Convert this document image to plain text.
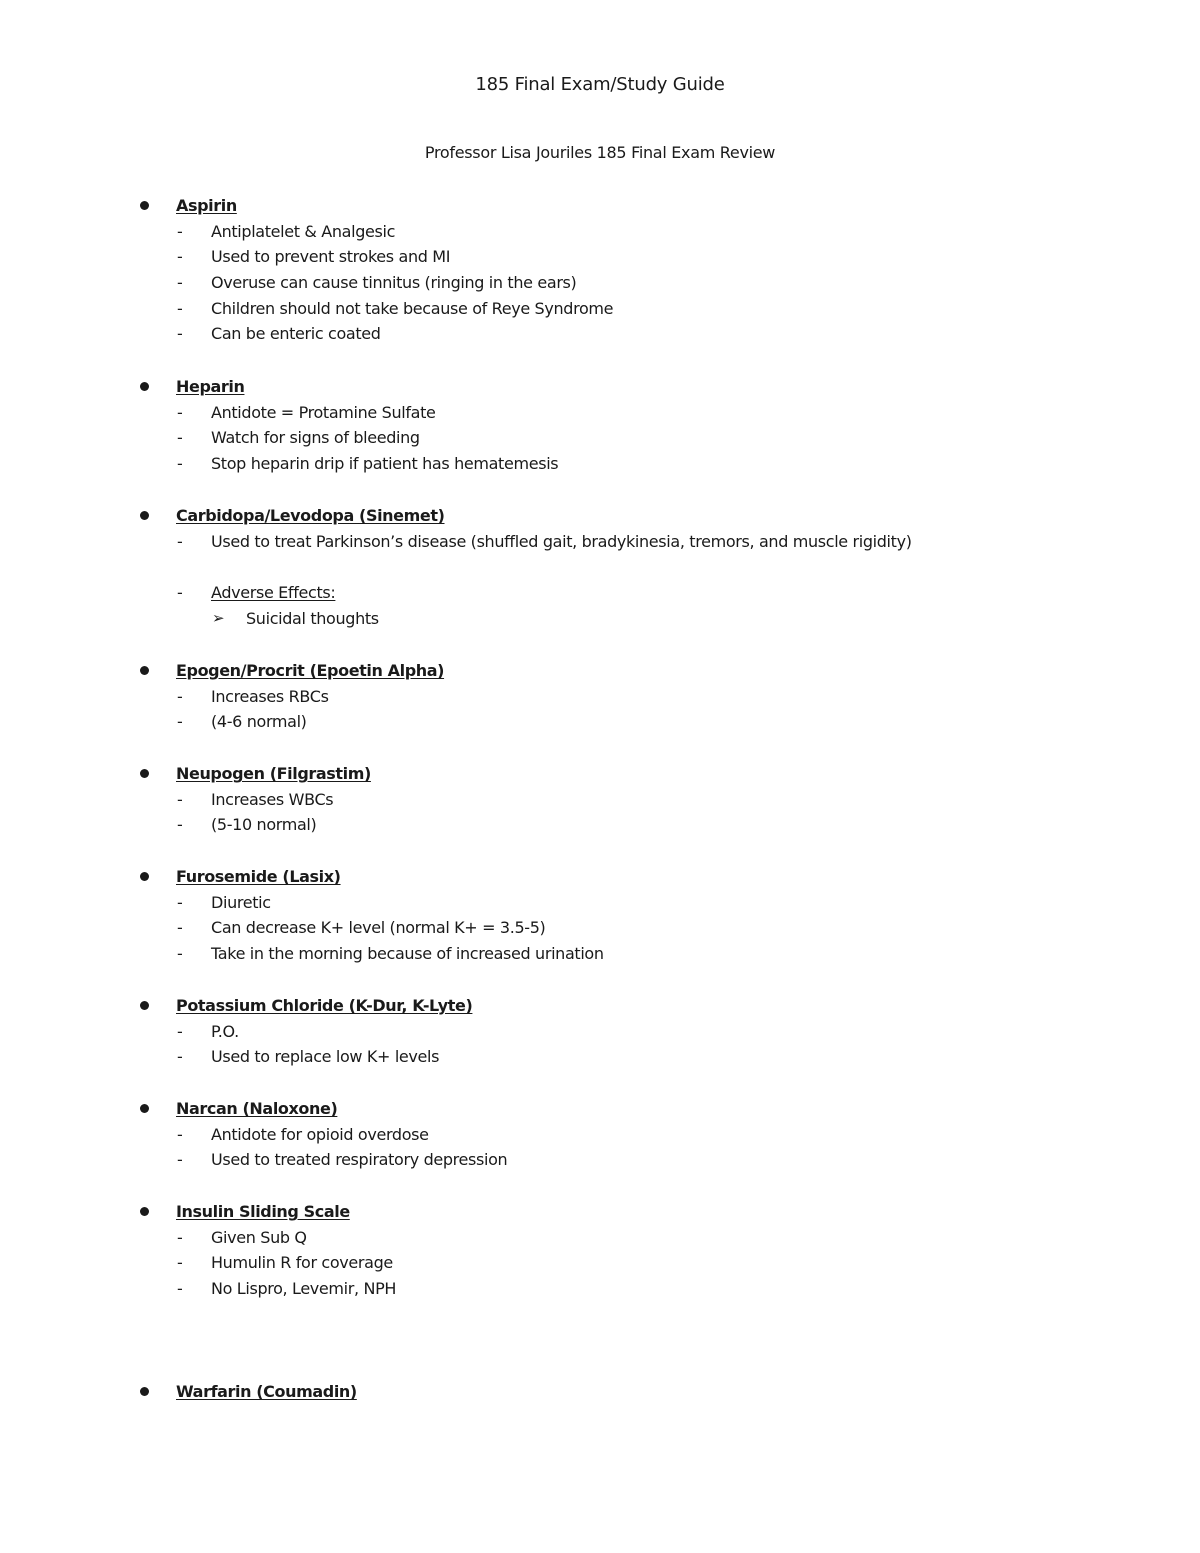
185 Final Exam/Study Guide
Professor Lisa Jouriles 185 Final Exam Review
Aspirin
- Antiplatelet & Analgesic
- Used to prevent strokes and MI
- Overuse can cause tinnitus (ringing in the ears)
- Children should not take because of Reye Syndrome
- Can be enteric coated
Heparin
- Antidote = Protamine Sulfate
- Watch for signs of bleeding
- Stop heparin drip if patient has hematemesis
Carbidopa/Levodopa (Sinemet)
- Used to treat Parkinson’s disease (shuffled gait, bradykinesia, tremors, and muscle rigidity)
- Adverse Effects:
➢ Suicidal thoughts
Epogen/Procrit (Epoetin Alpha)
- Increases RBCs
- (4-6 normal)
Neupogen (Filgrastim)
- Increases WBCs
- (5-10 normal)
Furosemide (Lasix)
- Diuretic
- Can decrease K+ level (normal K+ = 3.5-5)
- Take in the morning because of increased urination
Potassium Chloride (K-Dur, K-Lyte)
- P.O.
- Used to replace low K+ levels
Narcan (Naloxone)
- Antidote for opioid overdose
- Used to treated respiratory depression
Insulin Sliding Scale
- Given Sub Q
- Humulin R for coverage
- No Lispro, Levemir, NPH
Warfarin (Coumadin)
